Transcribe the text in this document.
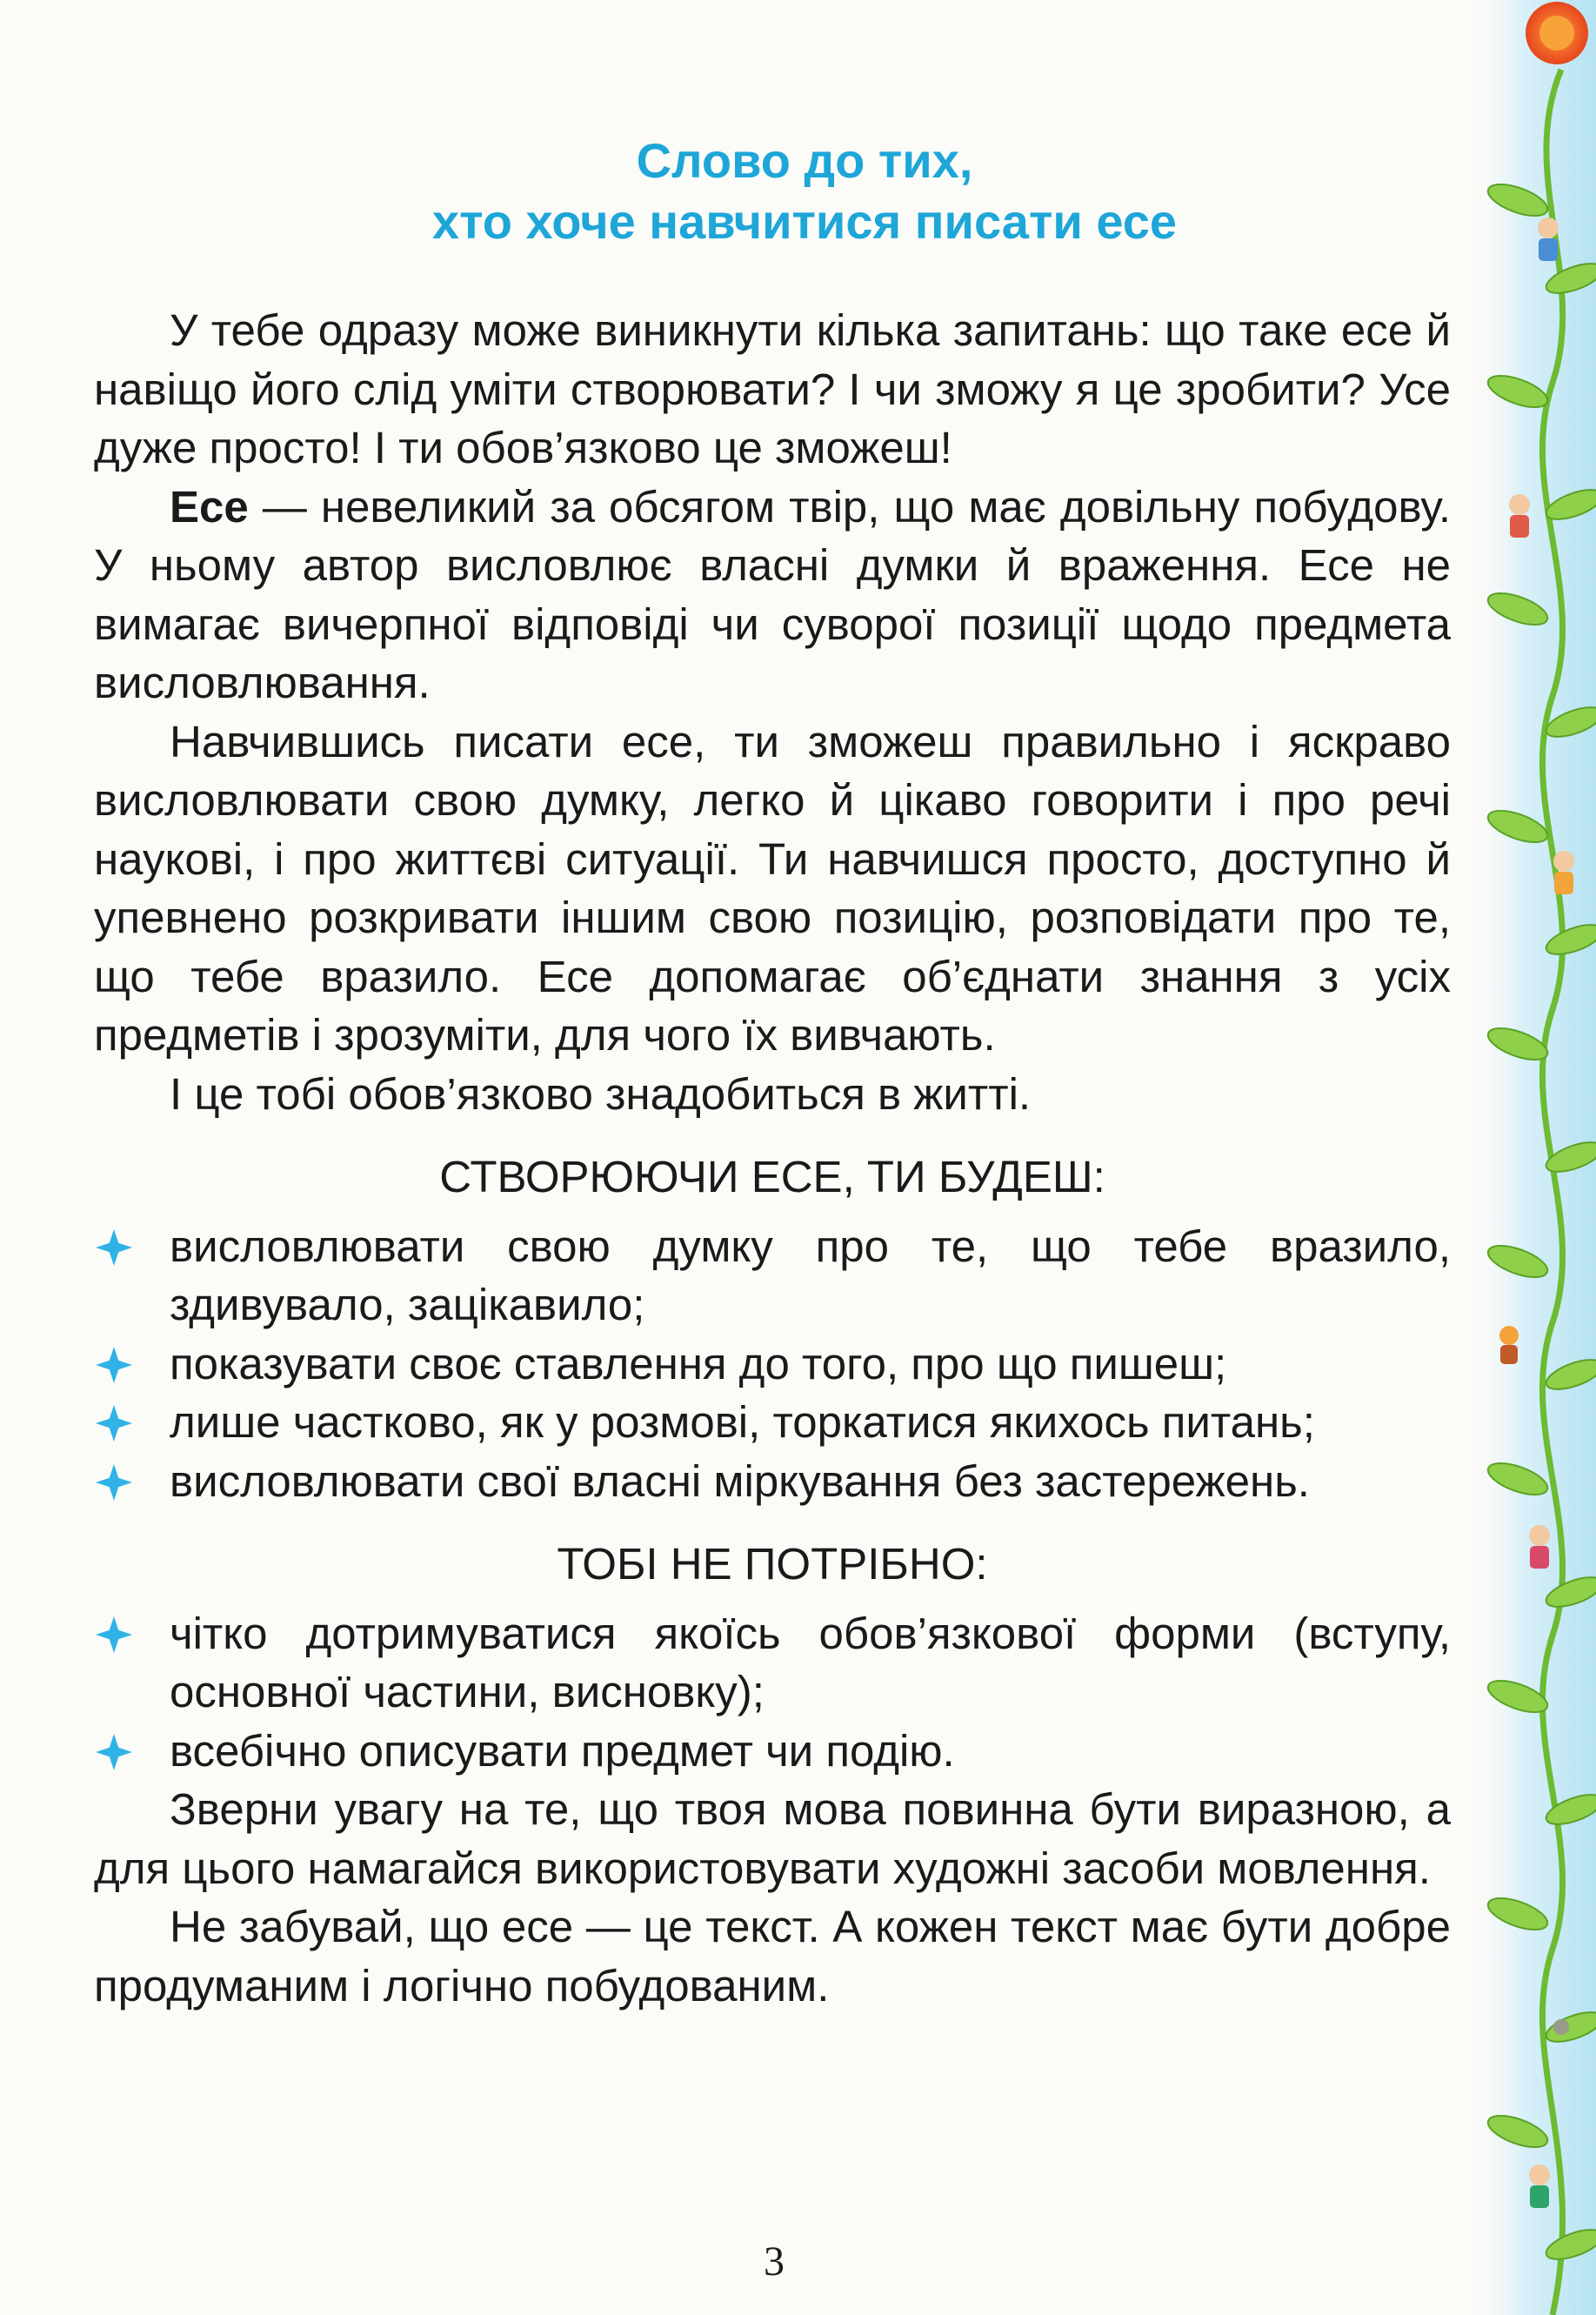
Слово до тих,
хто хоче навчитися писати есе

У тебе одразу може виникнути кілька запитань: що таке есе й навіщо його слід уміти створювати? І чи зможу я це зробити? Усе дуже просто! І ти обов’язково це зможеш!

Есе — невеликий за обсягом твір, що має довільну побудову. У ньому автор висловлює власні думки й враження. Есе не вимагає вичерпної відповіді чи суворої позиції щодо предмета висловлювання.

Навчившись писати есе, ти зможеш правильно і яскраво висловлювати свою думку, легко й цікаво говорити і про речі наукові, і про життєві ситуації. Ти навчишся просто, доступно й упевнено розкривати іншим свою позицію, розповідати про те, що тебе вразило. Есе допомагає об’єднати знання з усіх предметів і зрозуміти, для чого їх вивчають.

І це тобі обов’язково знадобиться в житті.

СТВОРЮЮЧИ ЕСЕ, ТИ БУДЕШ:
висловлювати свою думку про те, що тебе вразило, здивувало, зацікавило;
показувати своє ставлення до того, про що пишеш;
лише частково, як у розмові, торкатися якихось питань;
висловлювати свої власні міркування без застережень.
ТОБІ НЕ ПОТРІБНО:
чітко дотримуватися якоїсь обов’язкової форми (вступу, основної частини, висновку);
всебічно описувати предмет чи подію.

Зверни увагу на те, що твоя мова повинна бути виразною, а для цього намагайся використовувати художні засоби мовлення.

Не забувай, що есе — це текст. А кожен текст має бути добре продуманим і логічно побудованим.

3
